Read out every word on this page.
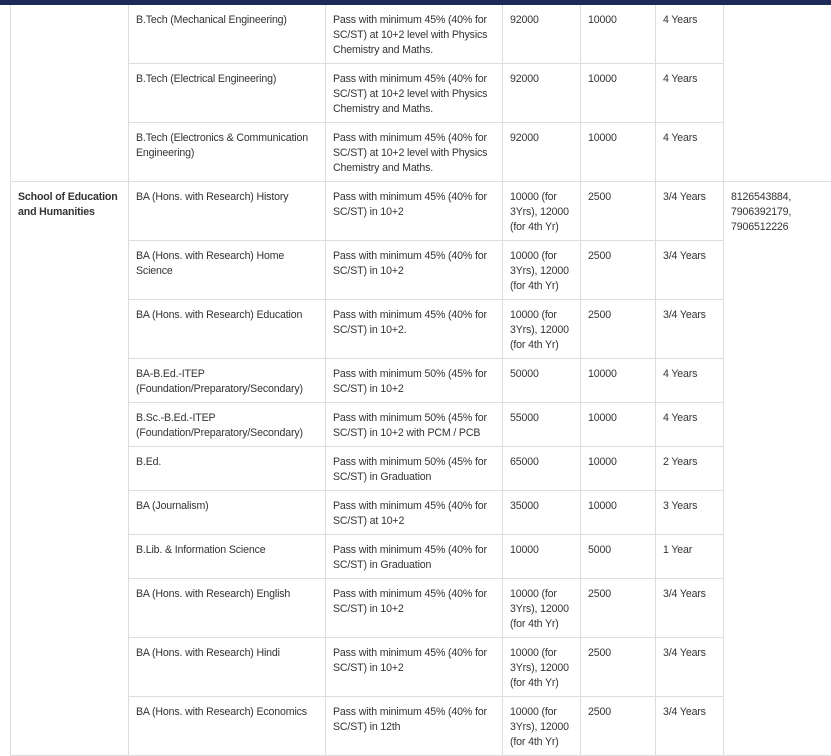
	B.Tech (Mechanical Engineering)	Pass with minimum 45% (40% for SC/ST) at 10+2 level with Physics Chemistry and Maths.	92000	10000	4 Years	
	B.Tech (Electrical Engineering)	Pass with minimum 45% (40% for SC/ST) at 10+2 level with Physics Chemistry and Maths.	92000	10000	4 Years	
	B.Tech (Electronics & Communication Engineering)	Pass with minimum 45% (40% for SC/ST) at 10+2 level with Physics Chemistry and Maths.	92000	10000	4 Years	
School of Education and Humanities	BA (Hons. with Research) History	Pass with minimum 45% (40% for SC/ST) in 10+2	10000 (for 3Yrs), 12000 (for 4th Yr)	2500	3/4 Years	8126543884, 7906392179, 7906512226
	BA (Hons. with Research) Home Science	Pass with minimum 45% (40% for SC/ST) in 10+2	10000 (for 3Yrs), 12000 (for 4th Yr)	2500	3/4 Years	
	BA (Hons. with Research) Education	Pass with minimum 45% (40% for SC/ST) in 10+2.	10000 (for 3Yrs), 12000 (for 4th Yr)	2500	3/4 Years	
	BA-B.Ed.-ITEP (Foundation/Preparatory/Secondary)	Pass with minimum 50% (45% for SC/ST) in 10+2	50000	10000	4 Years	
	B.Sc.-B.Ed.-ITEP (Foundation/Preparatory/Secondary)	Pass with minimum 50% (45% for SC/ST) in 10+2 with PCM / PCB	55000	10000	4 Years	
	B.Ed.	Pass with minimum 50% (45% for SC/ST) in Graduation	65000	10000	2 Years	
	BA (Journalism)	Pass with minimum 45% (40% for SC/ST) at 10+2	35000	10000	3 Years	
	B.Lib. & Information Science	Pass with minimum 45% (40% for SC/ST) in Graduation	10000	5000	1 Year	
	BA (Hons. with Research) English	Pass with minimum 45% (40% for SC/ST) in 10+2	10000 (for 3Yrs), 12000 (for 4th Yr)	2500	3/4 Years	
	BA (Hons. with Research) Hindi	Pass with minimum 45% (40% for SC/ST) in 10+2	10000 (for 3Yrs), 12000 (for 4th Yr)	2500	3/4 Years	
	BA (Hons. with Research) Economics	Pass with minimum 45% (40% for SC/ST) in 12th	10000 (for 3Yrs), 12000 (for 4th Yr)	2500	3/4 Years	
